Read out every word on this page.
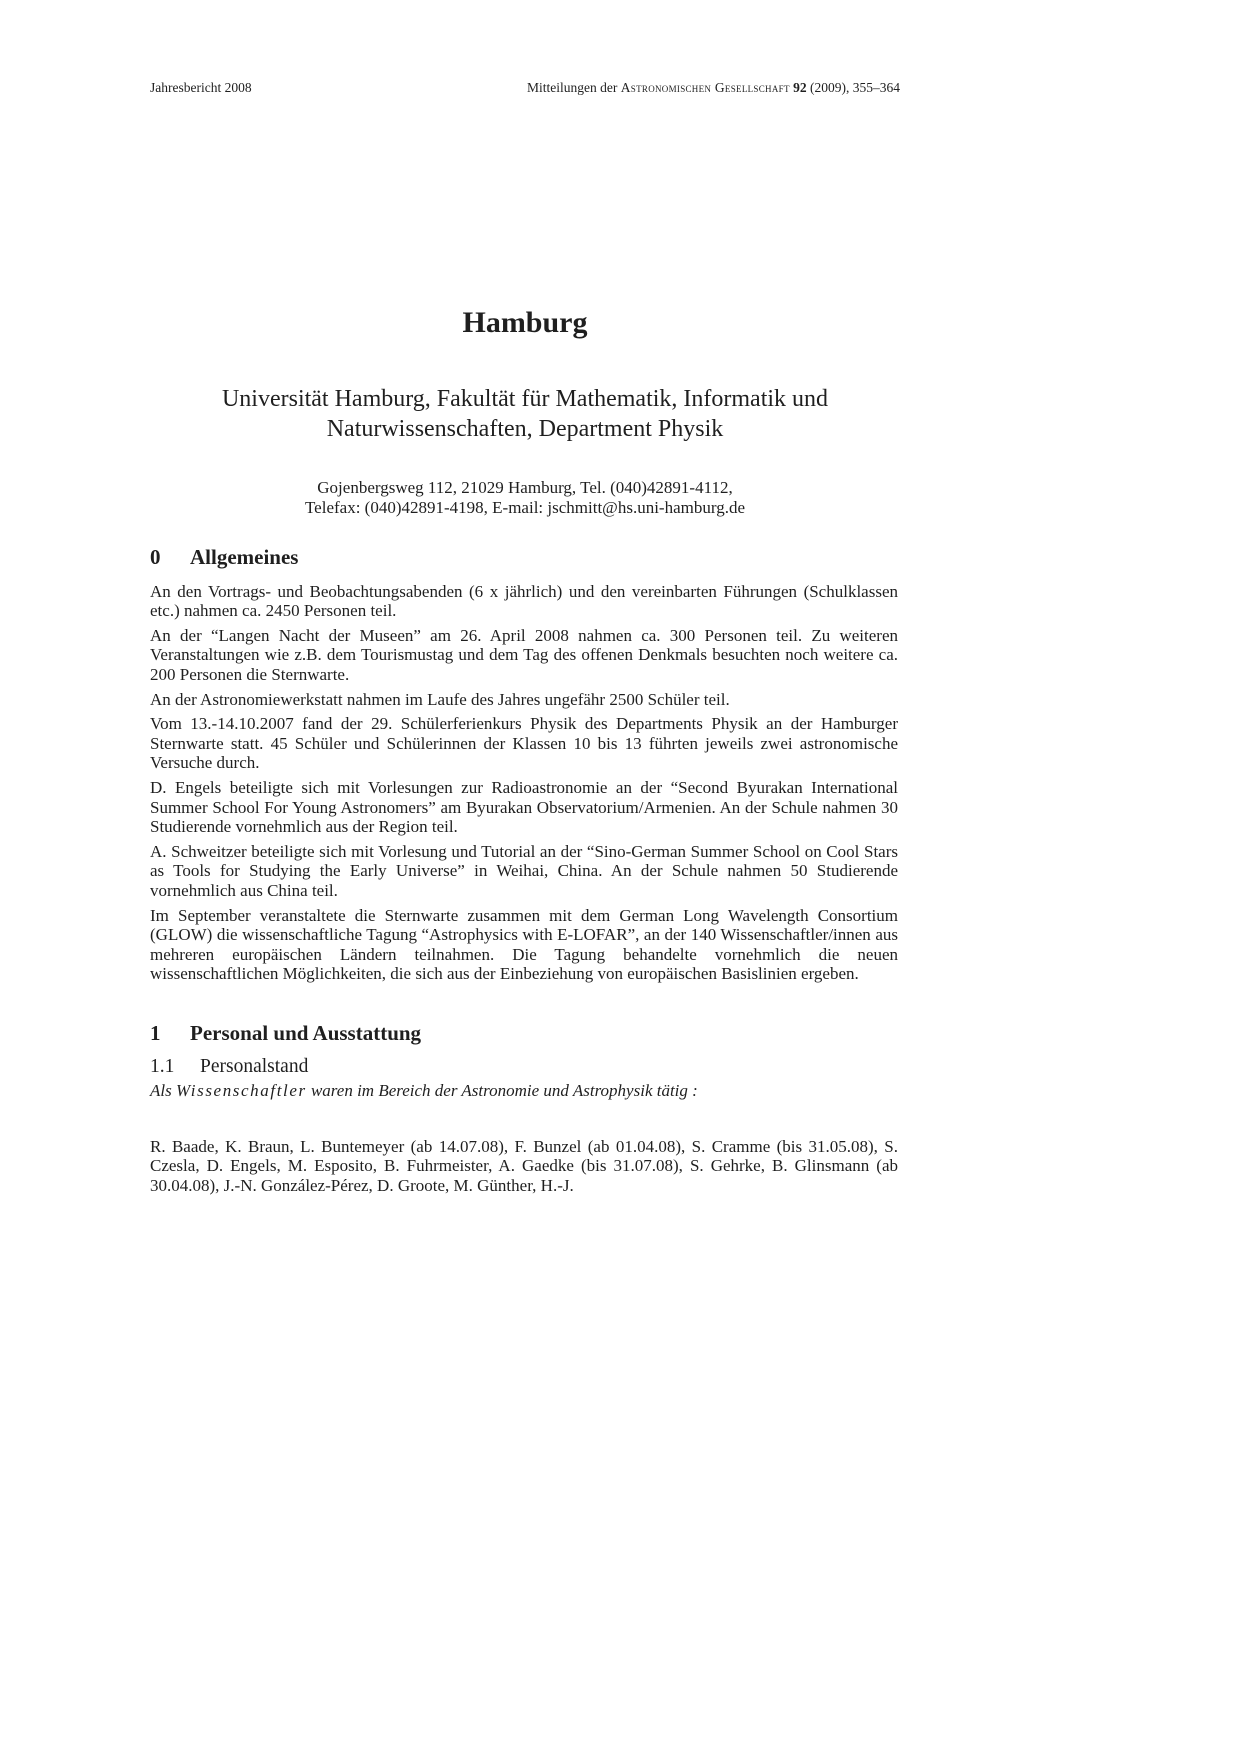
Jahresbericht 2008	Mitteilungen der Astronomischen Gesellschaft 92 (2009), 355–364
Hamburg
Universität Hamburg, Fakultät für Mathematik, Informatik und
Naturwissenschaften, Department Physik
Gojenbergsweg 112, 21029 Hamburg, Tel. (040)42891-4112,
Telefax: (040)42891-4198, E-mail: jschmitt@hs.uni-hamburg.de
0	Allgemeines

An den Vortrags- und Beobachtungsabenden (6 x jährlich) und den vereinbarten Führungen (Schulklassen etc.) nahmen ca. 2450 Personen teil.

An der “Langen Nacht der Museen” am 26. April 2008 nahmen ca. 300 Personen teil. Zu weiteren Veranstaltungen wie z.B. dem Tourismustag und dem Tag des offenen Denkmals besuchten noch weitere ca. 200 Personen die Sternwarte.

An der Astronomiewerkstatt nahmen im Laufe des Jahres ungefähr 2500 Schüler teil.

Vom 13.-14.10.2007 fand der 29. Schülerferienkurs Physik des Departments Physik an der Hamburger Sternwarte statt. 45 Schüler und Schülerinnen der Klassen 10 bis 13 führten jeweils zwei astronomische Versuche durch.

D. Engels beteiligte sich mit Vorlesungen zur Radioastronomie an der “Second Byurakan International Summer School For Young Astronomers” am Byurakan Observatorium/Armenien. An der Schule nahmen 30 Studierende vornehmlich aus der Region teil.

A. Schweitzer beteiligte sich mit Vorlesung und Tutorial an der “Sino-German Summer School on Cool Stars as Tools for Studying the Early Universe” in Weihai, China. An der Schule nahmen 50 Studierende vornehmlich aus China teil.

Im September veranstaltete die Sternwarte zusammen mit dem German Long Wavelength Consortium (GLOW) die wissenschaftliche Tagung “Astrophysics with E-LOFAR”, an der 140 Wissenschaftler/innen aus mehreren europäischen Ländern teilnahmen. Die Tagung behandelte vornehmlich die neuen wissenschaftlichen Möglichkeiten, die sich aus der Einbeziehung von europäischen Basislinien ergeben.

1	Personal und Ausstattung
1.1	Personalstand

Als Wissenschaftler waren im Bereich der Astronomie und Astrophysik tätig :

R. Baade, K. Braun, L. Buntemeyer (ab 14.07.08), F. Bunzel (ab 01.04.08), S. Cramme (bis 31.05.08), S. Czesla, D. Engels, M. Esposito, B. Fuhrmeister, A. Gaedke (bis 31.07.08), S. Gehrke, B. Glinsmann (ab 30.04.08), J.-N. González-Pérez, D. Groote, M. Günther, H.-J.
